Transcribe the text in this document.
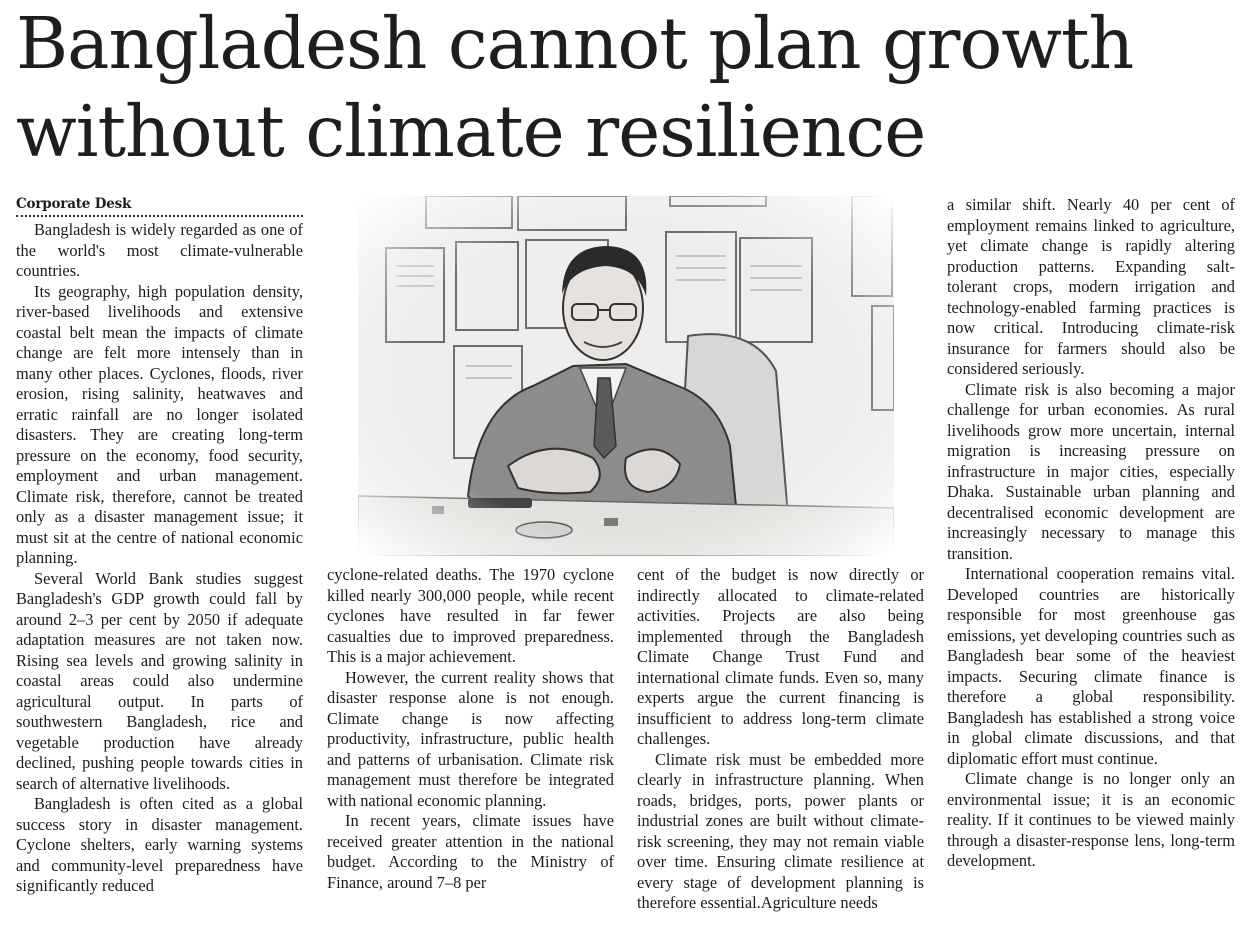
Bangladesh cannot plan growth
without climate resilience
Corporate Desk

Bangladesh is widely regarded as one of the world's most climate-vulnerable countries.

Its geography, high population density, river-based livelihoods and extensive coastal belt mean the impacts of climate change are felt more intensely than in many other places. Cyclones, floods, river erosion, rising salinity, heatwaves and erratic rainfall are no longer isolated disasters. They are creating long-term pressure on the economy, food security, employment and urban management. Climate risk, therefore, cannot be treated only as a disaster management issue; it must sit at the centre of national economic planning.

Several World Bank studies suggest Bangladesh's GDP growth could fall by around 2–3 per cent by 2050 if adequate adaptation measures are not taken now. Rising sea levels and growing salinity in coastal areas could also undermine agricultural output. In parts of southwestern Bangladesh, rice and vegetable production have already declined, pushing people towards cities in search of alternative livelihoods.

Bangladesh is often cited as a global success story in disaster management. Cyclone shelters, early warning systems and community-level preparedness have significantly reduced

cyclone-related deaths. The 1970 cyclone killed nearly 300,000 people, while recent cyclones have resulted in far fewer casualties due to improved preparedness. This is a major achievement.

However, the current reality shows that disaster response alone is not enough. Climate change is now affecting productivity, infrastructure, public health and patterns of urbanisation. Climate risk management must therefore be integrated with national economic planning.

In recent years, climate issues have received greater attention in the national budget. According to the Ministry of Finance, around 7–8 per

cent of the budget is now directly or indirectly allocated to climate-related activities. Projects are also being implemented through the Bangladesh Climate Change Trust Fund and international climate funds. Even so, many experts argue the current financing is insufficient to address long-term climate challenges.

Climate risk must be embedded more clearly in infrastructure planning. When roads, bridges, ports, power plants or industrial zones are built without climate-risk screening, they may not remain viable over time. Ensuring climate resilience at every stage of development planning is therefore essential.Agriculture needs

a similar shift. Nearly 40 per cent of employment remains linked to agriculture, yet climate change is rapidly altering production patterns. Expanding salt-tolerant crops, modern irrigation and technology-enabled farming practices is now critical. Introducing climate-risk insurance for farmers should also be considered seriously.

Climate risk is also becoming a major challenge for urban economies. As rural livelihoods grow more uncertain, internal migration is increasing pressure on infrastructure in major cities, especially Dhaka. Sustainable urban planning and decentralised economic development are increasingly necessary to manage this transition.

International cooperation remains vital. Developed countries are historically responsible for most greenhouse gas emissions, yet developing countries such as Bangladesh bear some of the heaviest impacts. Securing climate finance is therefore a global responsibility. Bangladesh has established a strong voice in global climate discussions, and that diplomatic effort must continue.

Climate change is no longer only an environmental issue; it is an economic reality. If it continues to be viewed mainly through a disaster-response lens, long-term development.
